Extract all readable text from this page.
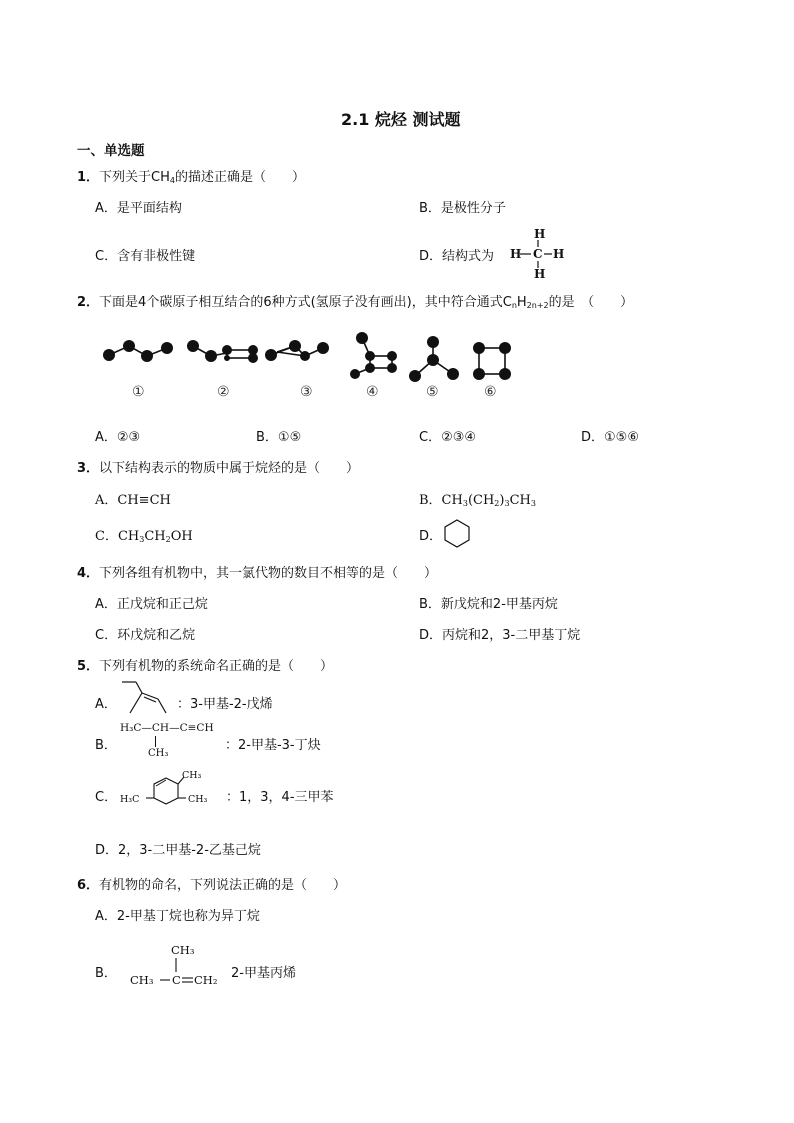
2.1 烷烃 测试题
一、单选题
1．下列关于$CH_4$的描述正确是（　　）
A．是平面结构	B．是极性分子
C．含有非极性键	D．结构式为
H
H C H
H
2．下面是4个碳原子相互结合的6种方式(氢原子没有画出)，其中符合通式$C_nH_{2n+2}$的是　（　　）
①	②	③	④	⑤	⑥
A．②③	B．①⑤	C．②③④	D．①⑤⑥
3．以下结构表示的物质中属于烷烃的是（　　）
A．CH≡CH	B．$CH_3(CH_2)_3CH_3$
C．$CH_3CH_2OH$	D．
4．下列各组有机物中，其一氯代物的数目不相等的是（　　）
A．正戊烷和正己烷	B．新戊烷和2-甲基丙烷
C．环戊烷和乙烷	D．丙烷和2，3-二甲基丁烷
5．下列有机物的系统命名正确的是（　　）
A．	：3-甲基-2-戊烯
B．
H₃C—CH—C≡CH
CH₃
：2-甲基-3-丁炔
C．
CH₃
H₃C	CH₃ ：1，3，4-三甲苯
D．2，3-二甲基-2-乙基己烷
6．有机物的命名，下列说法正确的是（　　）
A．2-甲基丁烷也称为异丁烷
B．
CH₃
CH₃ C CH₂ 2-甲基丙烯
